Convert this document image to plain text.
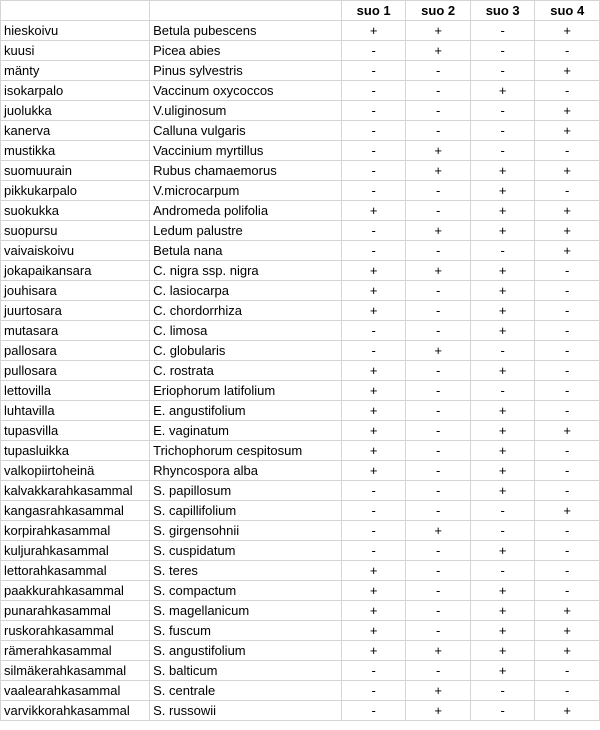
		suo 1	suo 2	suo 3	suo 4
hieskoivu	Betula pubescens	+	+	-	+
kuusi	Picea abies	-	+	-	-
mänty	Pinus sylvestris	-	-	-	+
isokarpalo	Vaccinum oxycoccos	-	-	+	-
juolukka	V.uliginosum	-	-	-	+
kanerva	Calluna vulgaris	-	-	-	+
mustikka	Vaccinium myrtillus	-	+	-	-
suomuurain	Rubus chamaemorus	-	+	+	+
pikkukarpalo	V.microcarpum	-	-	+	-
suokukka	Andromeda polifolia	+	-	+	+
suopursu	Ledum palustre	-	+	+	+
vaivaiskoivu	Betula nana	-	-	-	+
jokapaikansara	C. nigra ssp. nigra	+	+	+	-
jouhisara	C. lasiocarpa	+	-	+	-
juurtosara	C. chordorrhiza	+	-	+	-
mutasara	C. limosa	-	-	+	-
pallosara	C. globularis	-	+	-	-
pullosara	C. rostrata	+	-	+	-
lettovilla	Eriophorum latifolium	+	-	-	-
luhtavilla	E. angustifolium	+	-	+	-
tupasvilla	E. vaginatum	+	-	+	+
tupasluikka	Trichophorum cespitosum	+	-	+	-
valkopiirtoheinä	Rhyncospora alba	+	-	+	-
kalvakkarahkasammal	S. papillosum	-	-	+	-
kangasrahkasammal	S. capillifolium	-	-	-	+
korpirahkasammal	S. girgensohnii	-	+	-	-
kuljurahkasammal	S. cuspidatum	-	-	+	-
lettorahkasammal	S. teres	+	-	-	-
paakkurahkasammal	S. compactum	+	-	+	-
punarahkasammal	S. magellanicum	+	-	+	+
ruskorahkasammal	S. fuscum	+	-	+	+
rämerahkasammal	S. angustifolium	+	+	+	+
silmäkerahkasammal	S. balticum	-	-	+	-
vaalearahkasammal	S. centrale	-	+	-	-
varvikkorahkasammal	S. russowii	-	+	-	+
